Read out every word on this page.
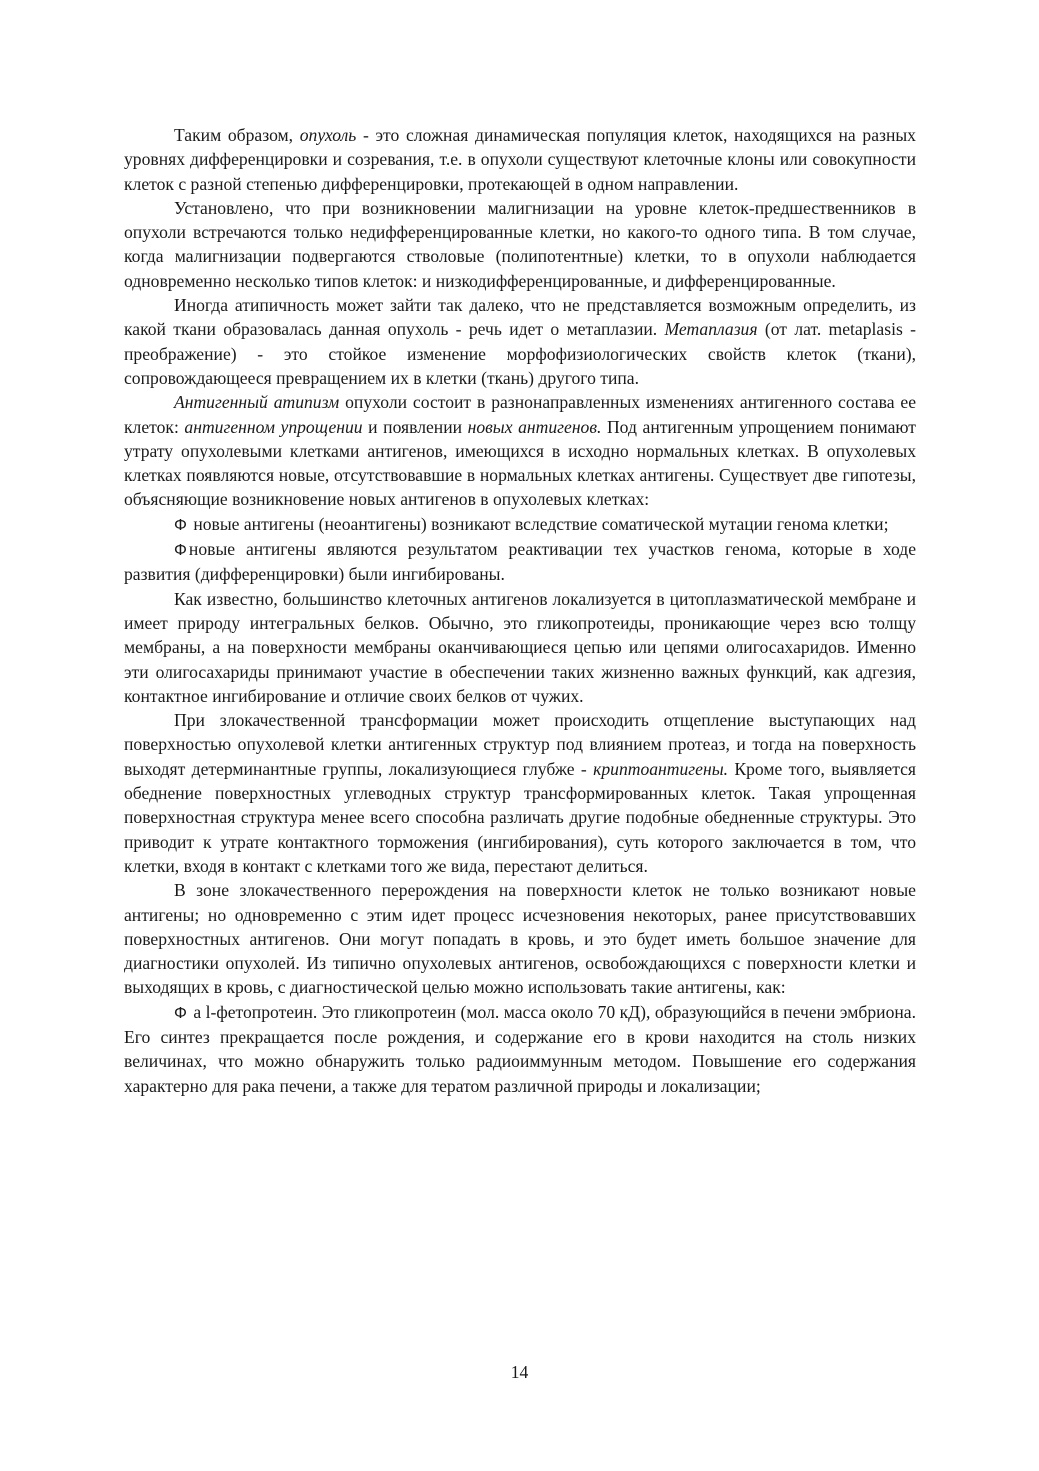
Таким образом, опухоль - это сложная динамическая популяция клеток, находящихся на разных уровнях дифференцировки и созревания, т.е. в опухоли существуют клеточные клоны или совокупности клеток с разной степенью дифференцировки, протекающей в одном направлении.

Установлено, что при возникновении малигнизации на уровне клеток-предшественников в опухоли встречаются только недифференцированные клетки, но какого-то одного типа. В том случае, когда малигнизации подвергаются стволовые (полипотентные) клетки, то в опухоли наблюдается одновременно несколько типов клеток: и низкодифференцированные, и дифференцированные.

Иногда атипичность может зайти так далеко, что не представляется возможным определить, из какой ткани образовалась данная опухоль - речь идет о метаплазии. Метаплазия (от лат. metaplasis - преображение) - это стойкое изменение морфофизиологических свойств клеток (ткани), сопровождающееся превращением их в клетки (ткань) другого типа.

Антигенный атипизм опухоли состоит в разнонаправленных изменениях антигенного состава ее клеток: антигенном упрощении и появлении новых антигенов. Под антигенным упрощением понимают утрату опухолевыми клетками антигенов, имеющихся в исходно нормальных клетках. В опухолевых клетках появляются новые, отсутствовавшие в нормальных клетках антигены. Существует две гипотезы, объясняющие возникновение новых антигенов в опухолевых клетках:

Ф новые антигены (неоантигены) возникают вследствие соматической мутации генома клетки;

Ф новые антигены являются результатом реактивации тех участков генома, которые в ходе развития (дифференцировки) были ингибированы.

Как известно, большинство клеточных антигенов локализуется в цитоплазматической мембране и имеет природу интегральных белков. Обычно, это гликопротеиды, проникающие через всю толщу мембраны, а на поверхности мембраны оканчивающиеся цепью или цепями олигосахаридов. Именно эти олигосахариды принимают участие в обеспечении таких жизненно важных функций, как адгезия, контактное ингибирование и отличие своих белков от чужих.

При злокачественной трансформации может происходить отщепление выступающих над поверхностью опухолевой клетки антигенных структур под влиянием протеаз, и тогда на поверхность выходят детерминантные группы, локализующиеся глубже - криптоантигены. Кроме того, выявляется обеднение поверхностных углеводных структур трансформированных клеток. Такая упрощенная поверхностная структура менее всего способна различать другие подобные обедненные структуры. Это приводит к утрате контактного торможения (ингибирования), суть которого заключается в том, что клетки, входя в контакт с клетками того же вида, перестают делиться.

В зоне злокачественного перерождения на поверхности клеток не только возникают новые антигены; но одновременно с этим идет процесс исчезновения некоторых, ранее присутствовавших поверхностных антигенов. Они могут попадать в кровь, и это будет иметь большое значение для диагностики опухолей. Из типично опухолевых антигенов, освобождающихся с поверхности клетки и выходящих в кровь, с диагностической целью можно использовать такие антигены, как:

Ф a l-фетопротеин. Это гликопротеин (мол. масса около 70 кД), образующийся в печени эмбриона. Его синтез прекращается после рождения, и содержание его в крови находится на столь низких величинах, что можно обнаружить только радиоиммунным методом. Повышение его содержания характерно для рака печени, а также для тератом различной природы и локализации;

14
